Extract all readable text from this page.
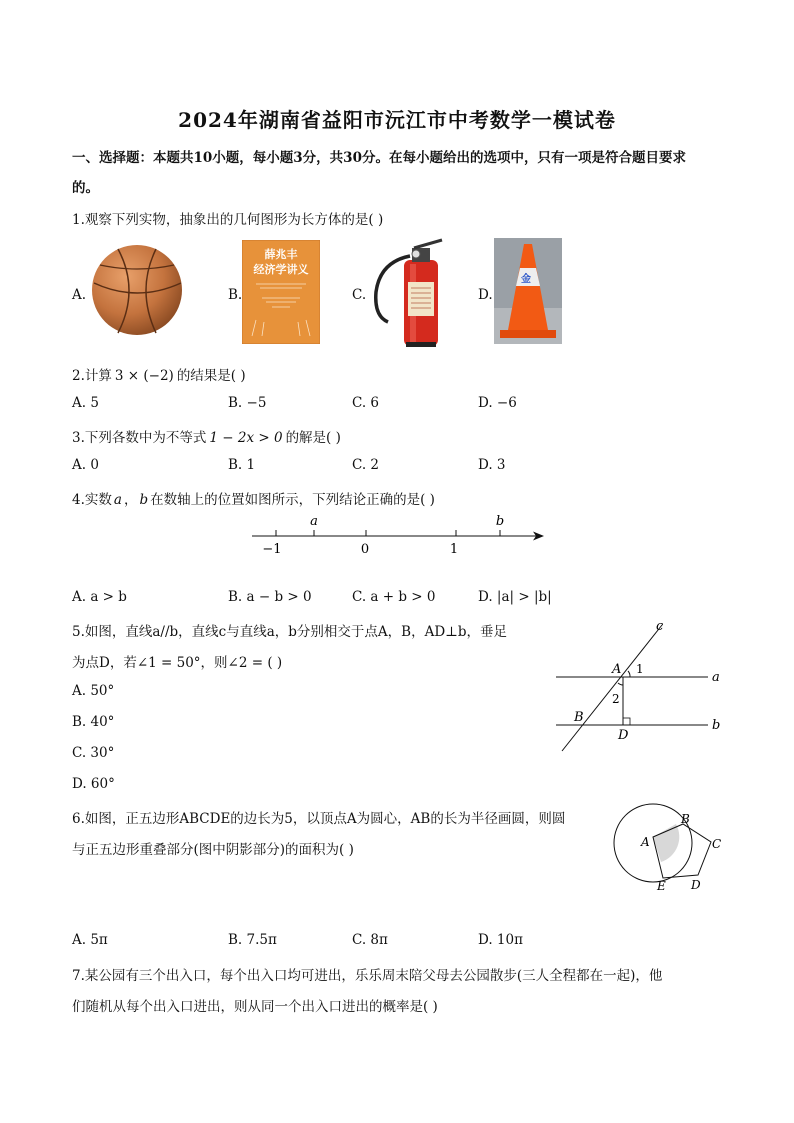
2024年湖南省益阳市沅江市中考数学一模试卷
一、选择题：本题共10小题，每小题3分，共30分。在每小题给出的选项中，只有一项是符合题目要求
的。
1.观察下列实物，抽象出的几何图形为长方体的是( )
A.	B.
薛兆丰
经济学讲义
C.	D.
金
2.计算 3 × (−2) 的结果是( )
A. 5	B. −5	C. 6	D. −6
3.下列各数中为不等式 1 − 2x > 0 的解是( )
A. 0	B. 1	C. 2	D. 3
4.实数 a ， b 在数轴上的位置如图所示，下列结论正确的是( )
a	b
−1	0	1
A. a > b	B. a − b > 0	C. a + b > 0	D. |a| > |b|
5.如图，直线a//b，直线c与直线a，b分别相交于点A，B，AD⊥b，垂足
为点D，若∠1 = 50°，则∠2 = ( )
A. 50°
B. 40°
C. 30°
D. 60°
c
a
b
A
B
D
1
2
6.如图，正五边形ABCDE的边长为5，以顶点A为圆心，AB的长为半径画圆，则圆
与正五边形重叠部分(图中阴影部分)的面积为( )	A
B
C
D
E
A. 5π	B. 7.5π	C. 8π	D. 10π
7.某公园有三个出入口，每个出入口均可进出，乐乐周末陪父母去公园散步(三人全程都在一起)，他
们随机从每个出入口进出，则从同一个出入口进出的概率是( )
